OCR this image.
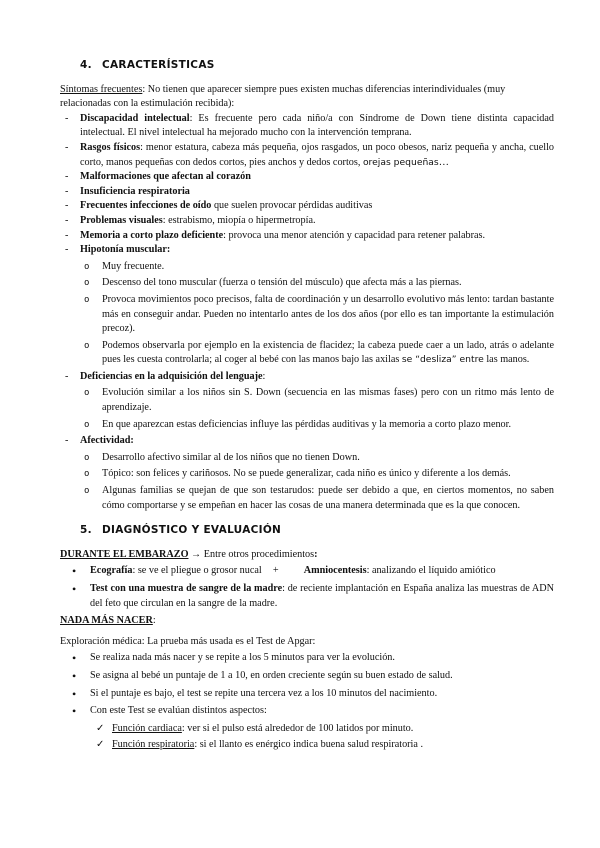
4. CARACTERÍSTICAS

Síntomas frecuentes: No tienen que aparecer siempre pues existen muchas diferencias interindividuales (muy relacionadas con la estimulación recibida):

- Discapacidad intelectual: Es frecuente pero cada niño/a con Síndrome de Down tiene distinta capacidad intelectual. El nivel intelectual ha mejorado mucho con la intervención temprana.
- Rasgos físicos: menor estatura, cabeza más pequeña, ojos rasgados, un poco obesos, nariz pequeña y ancha, cuello corto, manos pequeñas con dedos cortos, pies anchos y dedos cortos, orejas pequeñas…
- Malformaciones que afectan al corazón
- Insuficiencia respiratoria
- Frecuentes infecciones de oído que suelen provocar pérdidas auditivas
- Problemas visuales: estrabismo, miopía o hipermetropía.
- Memoria a corto plazo deficiente: provoca una menor atención y capacidad para retener palabras.
- Hipotonía muscular:
o Muy frecuente.
o Descenso del tono muscular (fuerza o tensión del músculo) que afecta más a las piernas.
o Provoca movimientos poco precisos, falta de coordinación y un desarrollo evolutivo más lento: tardan bastante más en conseguir andar. Pueden no intentarlo antes de los dos años (por ello es tan importante la estimulación precoz).
o Podemos observarla por ejemplo en la existencia de flacidez; la cabeza puede caer a un lado, atrás o adelante pues les cuesta controlarla; al coger al bebé con las manos bajo las axilas se “desliza” entre las manos.
- Deficiencias en la adquisición del lenguaje:
o Evolución similar a los niños sin S. Down (secuencia en las mismas fases) pero con un ritmo más lento de aprendizaje.
o En que aparezcan estas deficiencias influye las pérdidas auditivas y la memoria a corto plazo menor.
- Afectividad:
o Desarrollo afectivo similar al de los niños que no tienen Down.
o Tópico: son felices y cariñosos. No se puede generalizar, cada niño es único y diferente a los demás.
o Algunas familias se quejan de que son testarudos: puede ser debido a que, en ciertos momentos, no saben cómo comportarse y se empeñan en hacer las cosas de una manera determinada que es la que conocen.
5. DIAGNÓSTICO Y EVALUACIÓN

DURANTE EL EMBARAZO → Entre otros procedimientos:

• Ecografía: se ve el pliegue o grosor nucal + Amniocentesis: analizando el líquido amiótico
• Test con una muestra de sangre de la madre: de reciente implantación en España analiza las muestras de ADN del feto que circulan en la sangre de la madre.

NADA MÁS NACER:

Exploración médica: La prueba más usada es el Test de Apgar:

• Se realiza nada más nacer y se repite a los 5 minutos para ver la evolución.
• Se asigna al bebé un puntaje de 1 a 10, en orden creciente según su buen estado de salud.
• Si el puntaje es bajo, el test se repite una tercera vez a los 10 minutos del nacimiento.
• Con este Test se evalúan distintos aspectos:
✓ Función cardiaca: ver si el pulso está alrededor de 100 latidos por minuto.
✓ Función respiratoria: si el llanto es enérgico indica buena salud respiratoria .
